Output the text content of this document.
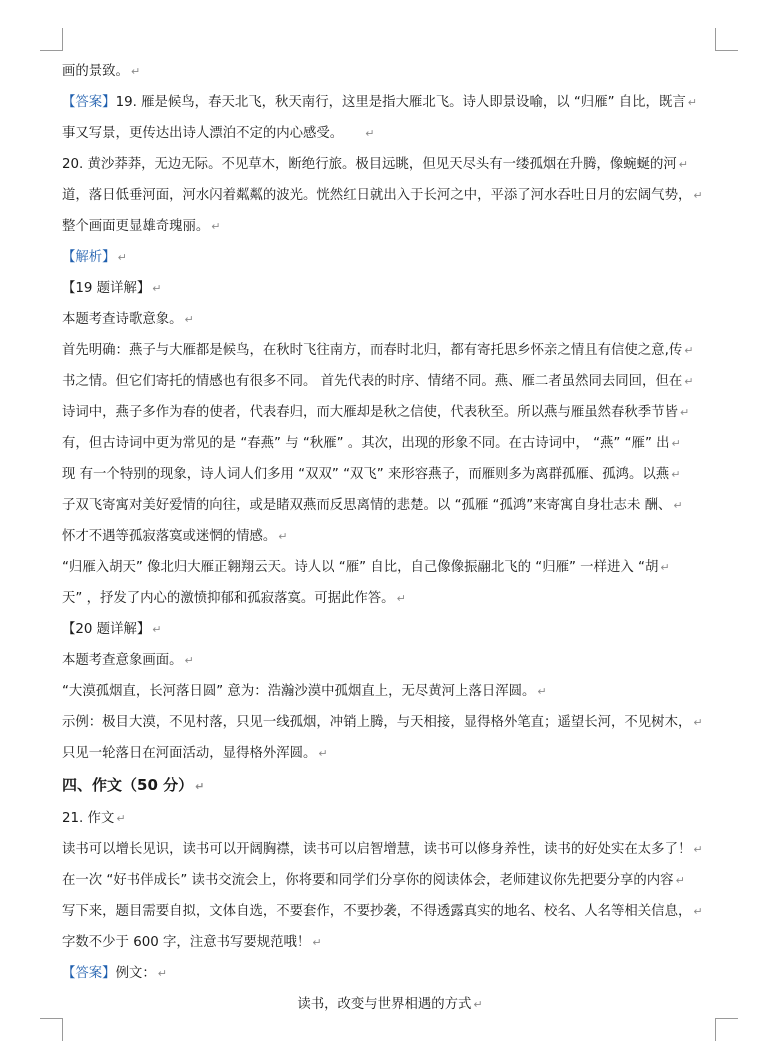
画的景致。 ↵

【答案】19. 雁是候鸟，春天北飞，秋天南行，这里是指大雁北飞。诗人即景设喻，以 “归雁” 自比，既言 ↵

事又写景，更传达出诗人漂泊不定的内心感受。 ↵

20. 黄沙莽莽，无边无际。不见草木，断绝行旅。极目远眺，但见天尽头有一缕孤烟在升腾，像蜿蜒的河 ↵

道，落日低垂河面，河水闪着粼粼的波光。恍然红日就出入于长河之中，平添了河水吞吐日月的宏阔气势， ↵

整个画面更显雄奇瑰丽。 ↵

【解析】 ↵

【19 题详解】 ↵

本题考查诗歌意象。 ↵

首先明确：燕子与大雁都是候鸟，在秋时飞往南方，而春时北归，都有寄托思乡怀亲之情且有信使之意,传 ↵

书之情。但它们寄托的情感也有很多不同。 首先代表的时序、情绪不同。燕、雁二者虽然同去同回，但在 ↵

诗词中，燕子多作为春的使者，代表春归，而大雁却是秋之信使，代表秋至。所以燕与雁虽然春秋季节皆 ↵

有，但古诗词中更为常见的是 “春燕” 与 “秋雁” 。其次，出现的形象不同。在古诗词中， “燕” “雁” 出 ↵

现 有一个特别的现象，诗人词人们多用 “双双” “双飞” 来形容燕子，而雁则多为离群孤雁、孤鸿。以燕 ↵

子双飞寄寓对美好爱情的向往，或是睹双燕而反思离情的悲楚。以 “孤雁 “孤鸿”来寄寓自身壮志未 酬、 ↵

怀才不遇等孤寂落寞或迷惘的情感。 ↵

“归雁入胡天” 像北归大雁正翱翔云天。诗人以 “雁” 自比，自己像像振翮北飞的 “归雁” 一样进入 “胡 ↵

天” ，抒发了内心的激愤抑郁和孤寂落寞。可据此作答。 ↵

【20 题详解】 ↵

本题考查意象画面。 ↵

“大漠孤烟直，长河落日圆” 意为：浩瀚沙漠中孤烟直上，无尽黄河上落日浑圆。 ↵

示例：极目大漠，不见村落，只见一线孤烟，冲销上腾，与天相接，显得格外笔直；遥望长河，不见树木， ↵

只见一轮落日在河面活动，显得格外浑圆。 ↵

四、作文（50 分） ↵

21. 作文 ↵

读书可以增长见识，读书可以开阔胸襟，读书可以启智增慧，读书可以修身养性，读书的好处实在太多了！ ↵

在一次 “好书伴成长” 读书交流会上，你将要和同学们分享你的阅读体会，老师建议你先把要分享的内容 ↵

写下来，题目需要自拟，文体自选，不要套作，不要抄袭，不得透露真实的地名、校名、人名等相关信息， ↵

字数不少于 600 字，注意书写要规范哦！ ↵

【答案】例文： ↵

读书，改变与世界相遇的方式 ↵
